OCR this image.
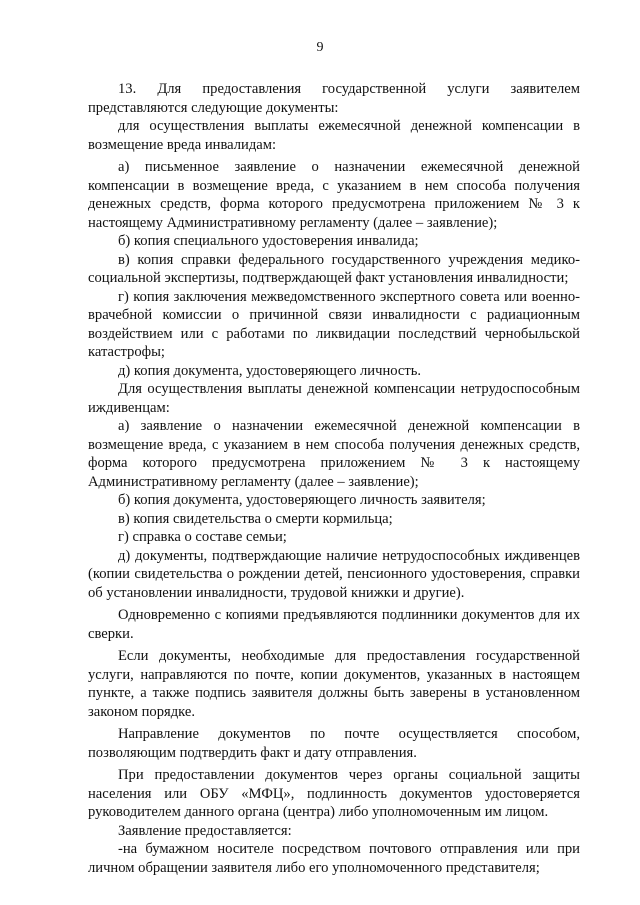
9

13. Для предоставления государственной услуги заявителем представляются следующие документы:

для осуществления выплаты ежемесячной денежной компенсации в возмещение вреда инвалидам:

а) письменное заявление о назначении ежемесячной денежной компенсации в возмещение вреда, с указанием в нем способа получения денежных средств, форма которого предусмотрена приложением № 3 к настоящему Административному регламенту (далее – заявление);

б) копия специального удостоверения инвалида;

в) копия справки федерального государственного учреждения медико-социальной экспертизы, подтверждающей факт установления инвалидности;

г) копия заключения межведомственного экспертного совета или военно-врачебной комиссии о причинной связи инвалидности с радиационным воздействием или с работами по ликвидации последствий чернобыльской катастрофы;

д) копия документа, удостоверяющего личность.

Для осуществления выплаты денежной компенсации нетрудоспособным иждивенцам:

а) заявление о назначении ежемесячной денежной компенсации в возмещение вреда, с указанием в нем способа получения денежных средств, форма которого предусмотрена приложением № 3 к настоящему Административному регламенту (далее – заявление);

б) копия документа, удостоверяющего личность заявителя;

в) копия свидетельства о смерти кормильца;

г) справка о составе семьи;

д) документы, подтверждающие наличие нетрудоспособных иждивенцев (копии свидетельства о рождении детей, пенсионного удостоверения, справки об установлении инвалидности, трудовой книжки и другие).

Одновременно с копиями предъявляются подлинники документов для их сверки.

Если документы, необходимые для предоставления государственной услуги, направляются по почте, копии документов, указанных в настоящем пункте, а также подпись заявителя должны быть заверены в установленном законом порядке.

Направление документов по почте осуществляется способом, позволяющим подтвердить факт и дату отправления.

При предоставлении документов через органы социальной защиты населения или ОБУ «МФЦ», подлинность документов удостоверяется руководителем данного органа (центра) либо уполномоченным им лицом.

Заявление предоставляется:

-на бумажном носителе посредством почтового отправления или при личном обращении заявителя либо его уполномоченного представителя;
